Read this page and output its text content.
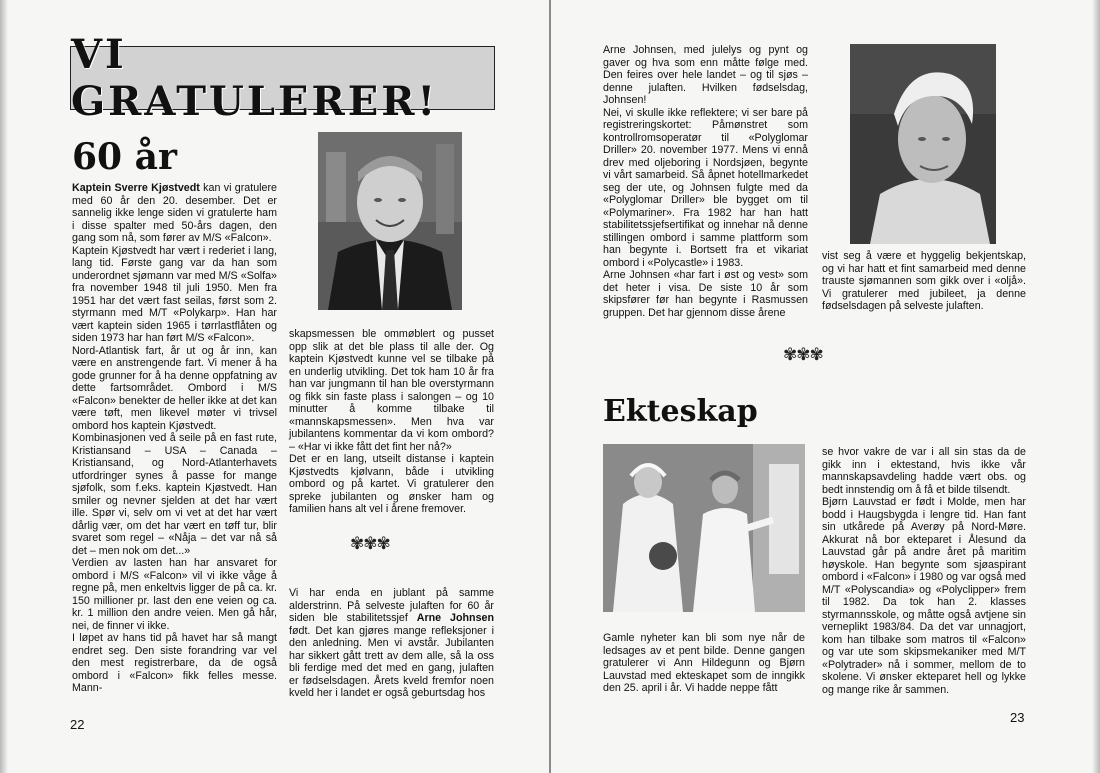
VI GRATULERER!
60 år

Kaptein Sverre Kjøstvedt kan vi gratulere med 60 år den 20. desember. Det er sannelig ikke lenge siden vi gratulerte ham i disse spalter med 50-års dagen, den gang som nå, som fører av M/S «Falcon».

Kaptein Kjøstvedt har vært i rederiet i lang, lang tid. Første gang var da han som underordnet sjømann var med M/S «Solfa» fra november 1948 til juli 1950. Men fra 1951 har det vært fast seilas, først som 2. styrmann med M/T «Polykarp». Han har vært kaptein siden 1965 i tørrlastflåten og siden 1973 har han ført M/S «Falcon».

Nord-Atlantisk fart, år ut og år inn, kan være en anstrengende fart. Vi mener å ha gode grunner for å ha denne oppfatning av dette fartsområdet. Ombord i M/S «Falcon» benekter de heller ikke at det kan være tøft, men likevel møter vi trivsel ombord hos kaptein Kjøstvedt.

Kombinasjonen ved å seile på en fast rute, Kristiansand – USA – Canada – Kristiansand, og Nord-Atlanterhavets utfordringer synes å passe for mange sjøfolk, som f.eks. kaptein Kjøstvedt. Han smiler og nevner sjelden at det har vært ille. Spør vi, selv om vi vet at det har vært dårlig vær, om det har vært en tøff tur, blir svaret som regel – «Nåja – det var nå så det – men nok om det...»

Verdien av lasten han har ansvaret for ombord i M/S «Falcon» vil vi ikke våge å regne på, men enkeltvis ligger de på ca. kr. 150 millioner pr. last den ene veien og ca. kr. 1 million den andre veien. Men gå hår, nei, de finner vi ikke.

I løpet av hans tid på havet har så mangt endret seg. Den siste forandring var vel den mest registrerbare, da de også ombord i «Falcon» fikk felles messe. Mann-

skapsmessen ble ommøblert og pusset opp slik at det ble plass til alle der. Og kaptein Kjøstvedt kunne vel se tilbake på en underlig utvikling. Det tok ham 10 år fra han var jungmann til han ble overstyrmann og fikk sin faste plass i salongen – og 10 minutter å komme tilbake til «mannskapsmessen». Men hva var jubilantens kommentar da vi kom ombord? – «Har vi ikke fått det fint her nå?»

Det er en lang, utseilt distanse i kaptein Kjøstvedts kjølvann, både i utvikling ombord og på kartet. Vi gratulerer den sprekе jubilanten og ønsker ham og familien hans alt vel i årene fremover.

✾✾✾

Vi har enda en jublant på samme alderstrinn. På selveste julaften for 60 år siden ble stabilitetssjef Arne Johnsen født. Det kan gjøres mange refleksjoner i den anledning. Men vi avstår. Jubilanten har sikkert gått trett av dem alle, så la oss bli ferdige med det med en gang, julaften er fødselsdagen. Årets kveld fremfor noen kveld her i landet er også geburtsdag hos

22

Arne Johnsen, med julelys og pynt og gaver og hva som enn måtte følge med. Den feires over hele landet – og til sjøs – denne julaften. Hvilken fødselsdag, Johnsen!

Nei, vi skulle ikke reflektere; vi ser bare på registreringskortet: Påmønstret som kontrollromsoperatør til «Polyglomar Driller» 20. november 1977. Mens vi ennå drev med oljeboring i Nordsjøen, begynte vi vårt samarbeid. Så åpnet hotellmarkedet seg der ute, og Johnsen fulgte med da «Polyglomar Driller» ble bygget om til «Polymariner». Fra 1982 har han hatt stabilitetssjefsertifikat og innehar nå denne stillingen ombord i samme plattform som han begynte i. Bortsett fra et vikariat ombord i «Polycastle» i 1983.

Arne Johnsen «har fart i øst og vest» som det heter i visa. De siste 10 år som skipsfører før han begynte i Rasmussen gruppen. Det har gjennom disse årene

vist seg å være et hyggelig bekjentskap, og vi har hatt et fint samarbeid med denne trauste sjømannen som gikk over i «oljå». Vi gratulerer med jubileet, ja denne fødselsdagen på selveste julaften.

✾✾✾
Ekteskap

Gamle nyheter kan bli som nye når de ledsages av et pent bilde. Denne gangen gratulerer vi Ann Hildegunn og Bjørn Lauvstad med ekteskapet som de inngikk den 25. april i år. Vi hadde neppe fått

se hvor vakre de var i all sin stas da de gikk inn i ektestand, hvis ikke vår mannskapsavdeling hadde vært obs. og bedt innstendig om å få et bilde tilsendt.

Bjørn Lauvstad er født i Molde, men har bodd i Haugsbygda i lengre tid. Han fant sin utkårede på Averøy på Nord-Møre. Akkurat nå bor ekteparet i Ålesund da Lauvstad går på andre året på maritim høyskole. Han begynte som sjøaspirant ombord i «Falcon» i 1980 og var også med M/T «Polyscandia» og «Polyclipper» frem til 1982. Da tok han 2. klasses styrmannsskole, og måtte også avtjene sin verneplikt 1983/84. Da det var unnagjort, kom han tilbake som matros til «Falcon» og var ute som skipsmekaniker med M/T «Polytrader» nå i sommer, mellom de to skolene. Vi ønsker ekteparet hell og lykke og mange rike år sammen.

23
